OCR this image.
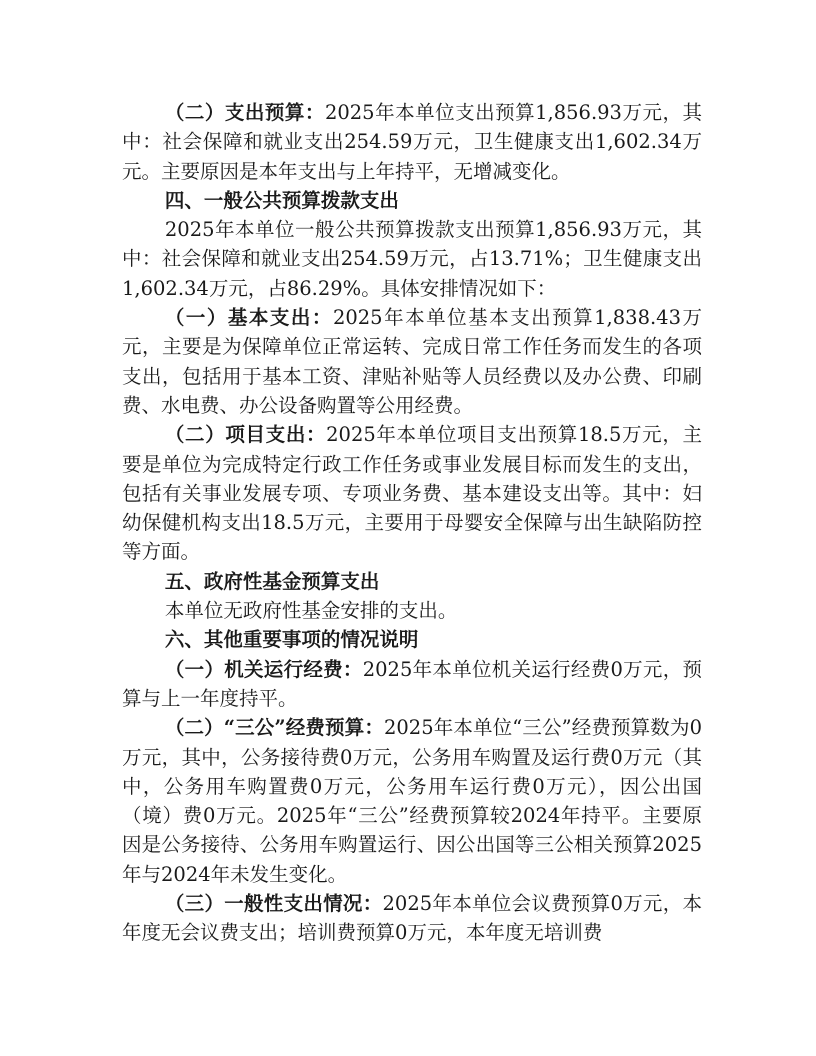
（二）支出预算：2025年本单位支出预算1,856.93万元，其中：社会保障和就业支出254.59万元，卫生健康支出1,602.34万元。主要原因是本年支出与上年持平，无增减变化。

四、一般公共预算拨款支出

2025年本单位一般公共预算拨款支出预算1,856.93万元，其中：社会保障和就业支出254.59万元，占13.71%；卫生健康支出1,602.34万元，占86.29%。具体安排情况如下：

（一）基本支出：2025年本单位基本支出预算1,838.43万元，主要是为保障单位正常运转、完成日常工作任务而发生的各项支出，包括用于基本工资、津贴补贴等人员经费以及办公费、印刷费、水电费、办公设备购置等公用经费。

（二）项目支出：2025年本单位项目支出预算18.5万元，主要是单位为完成特定行政工作任务或事业发展目标而发生的支出，包括有关事业发展专项、专项业务费、基本建设支出等。其中：妇幼保健机构支出18.5万元，主要用于母婴安全保障与出生缺陷防控等方面。

五、政府性基金预算支出

本单位无政府性基金安排的支出。

六、其他重要事项的情况说明

（一）机关运行经费：2025年本单位机关运行经费0万元，预算与上一年度持平。

（二）“三公”经费预算：2025年本单位“三公”经费预算数为0万元，其中，公务接待费0万元，公务用车购置及运行费0万元（其中，公务用车购置费0万元，公务用车运行费0万元），因公出国（境）费0万元。2025年“三公”经费预算较2024年持平。主要原因是公务接待、公务用车购置运行、因公出国等三公相关预算2025年与2024年未发生变化。

（三）一般性支出情况：2025年本单位会议费预算0万元，本年度无会议费支出；培训费预算0万元，本年度无培训费
